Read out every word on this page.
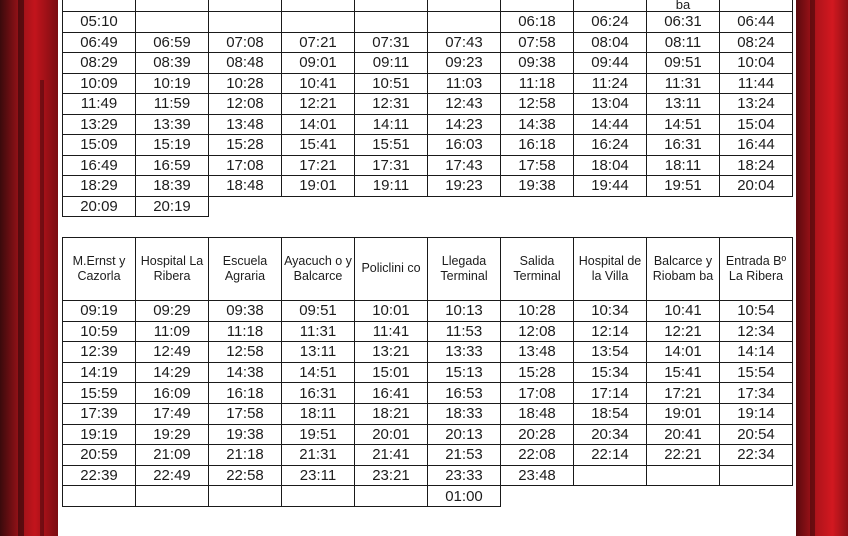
								ba	
05:10						06:18	06:24	06:31	06:44
06:49	06:59	07:08	07:21	07:31	07:43	07:58	08:04	08:11	08:24
08:29	08:39	08:48	09:01	09:11	09:23	09:38	09:44	09:51	10:04
10:09	10:19	10:28	10:41	10:51	11:03	11:18	11:24	11:31	11:44
11:49	11:59	12:08	12:21	12:31	12:43	12:58	13:04	13:11	13:24
13:29	13:39	13:48	14:01	14:11	14:23	14:38	14:44	14:51	15:04
15:09	15:19	15:28	15:41	15:51	16:03	16:18	16:24	16:31	16:44
16:49	16:59	17:08	17:21	17:31	17:43	17:58	18:04	18:11	18:24
18:29	18:39	18:48	19:01	19:11	19:23	19:38	19:44	19:51	20:04
20:09	20:19								
M.Ernst y Cazorla	Hospital La Ribera	Escuela Agraria	Ayacuch o y Balcarce	Policlini co	Llegada Terminal	Salida Terminal	Hospital de la Villa	Balcarce y Riobam ba	Entrada Bº La Ribera
09:19	09:29	09:38	09:51	10:01	10:13	10:28	10:34	10:41	10:54
10:59	11:09	11:18	11:31	11:41	11:53	12:08	12:14	12:21	12:34
12:39	12:49	12:58	13:11	13:21	13:33	13:48	13:54	14:01	14:14
14:19	14:29	14:38	14:51	15:01	15:13	15:28	15:34	15:41	15:54
15:59	16:09	16:18	16:31	16:41	16:53	17:08	17:14	17:21	17:34
17:39	17:49	17:58	18:11	18:21	18:33	18:48	18:54	19:01	19:14
19:19	19:29	19:38	19:51	20:01	20:13	20:28	20:34	20:41	20:54
20:59	21:09	21:18	21:31	21:41	21:53	22:08	22:14	22:21	22:34
22:39	22:49	22:58	23:11	23:21	23:33	23:48			
					01:00				
